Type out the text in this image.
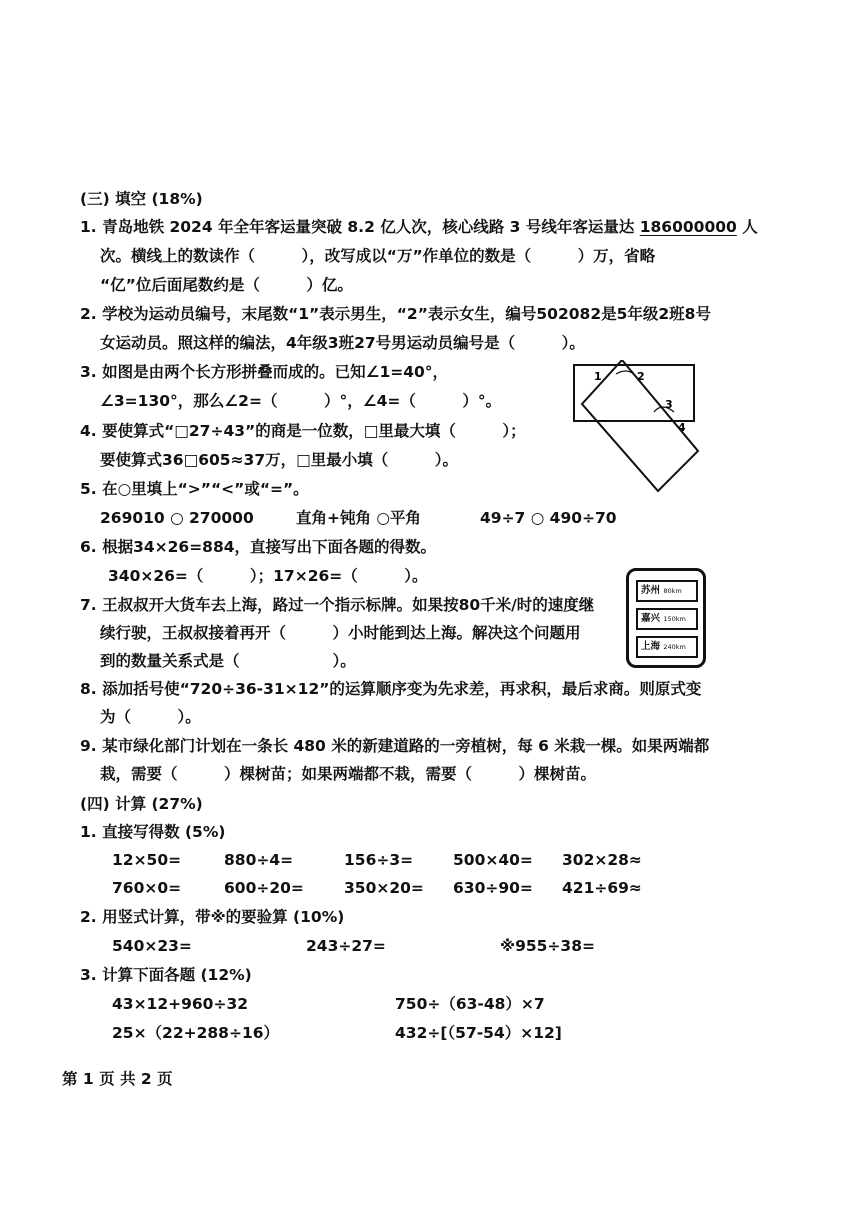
(三) 填空 (18%)
1. 青岛地铁 2024 年全年客运量突破 8.2 亿人次，核心线路 3 号线年客运量达 186000000 人
次。横线上的数读作（　　　），改写成以“万”作单位的数是（　　　）万，省略
“亿”位后面尾数约是（　　　）亿。
2. 学校为运动员编号，末尾数“1”表示男生，“2”表示女生，编号502082是5年级2班8号
女运动员。照这样的编法，4年级3班27号男运动员编号是（　　　）。
3. 如图是由两个长方形拼叠而成的。已知∠1=40°，
∠3=130°，那么∠2=（　　　）°，∠4=（　　　）°。
4. 要使算式“□27÷43”的商是一位数，□里最大填（　　　）；
要使算式36□605≈37万，□里最小填（　　　）。
5. 在○里填上“>”“<”或“=”。
269010 ○ 270000	直角+钝角 ○平角	49÷7 ○ 490÷70
6. 根据34×26=884，直接写出下面各题的得数。
340×26=（　　　）；17×26=（　　　）。
7. 王叔叔开大货车去上海，路过一个指示标牌。如果按80千米/时的速度继
续行驶，王叔叔接着再开（　　　）小时能到达上海。解决这个问题用
到的数量关系式是（　　　　　　）。
8. 添加括号使“720÷36-31×12”的运算顺序变为先求差，再求积，最后求商。则原式变
为（　　　）。
9. 某市绿化部门计划在一条长 480 米的新建道路的一旁植树，每 6 米栽一棵。如果两端都
栽，需要（　　　）棵树苗；如果两端都不栽，需要（　　　）棵树苗。
1	2
3
4
苏州 80km
嘉兴 150km
上海 240km
(四) 计算 (27%)
1. 直接写得数 (5%)
12×50=	880÷4=	156÷3=	500×40= 302×28≈
760×0=	600÷20=	350×20= 630÷90= 421÷69≈
2. 用竖式计算，带※的要验算 (10%)
540×23=	243÷27=	※955÷38=
3. 计算下面各题 (12%)
43×12+960÷32	750÷（63-48）×7
25×（22+288÷16）	432÷[（57-54）×12]
第 1 页 共 2 页
